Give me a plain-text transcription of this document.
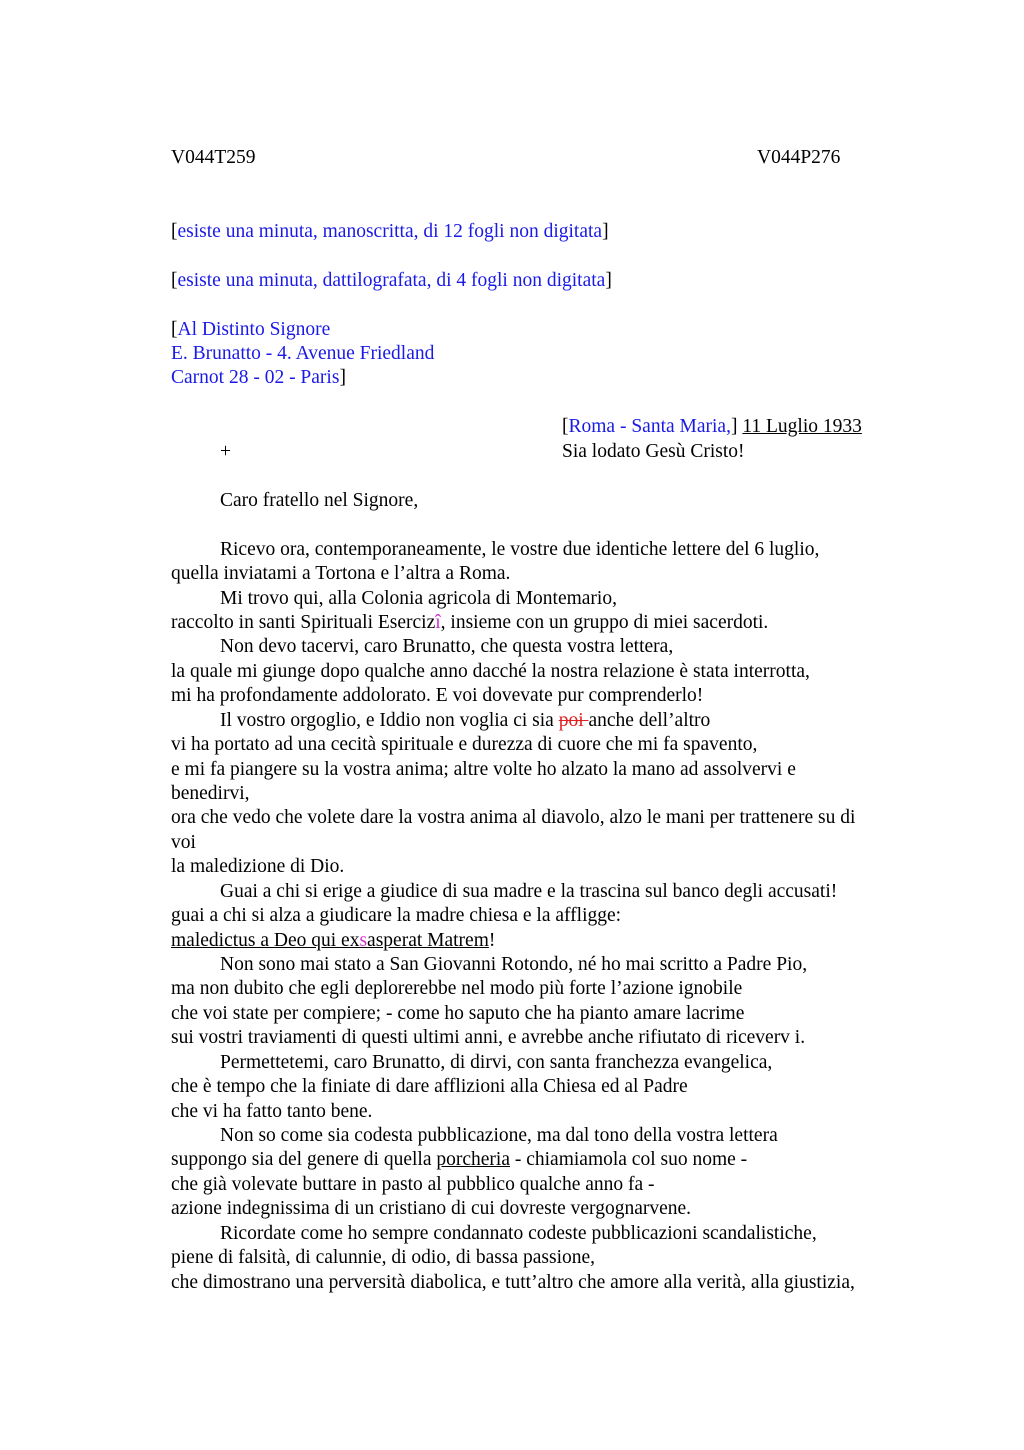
V044T259	V044P276
[esiste una minuta, manoscritta, di 12 fogli non digitata]
[esiste una minuta, dattilografata, di 4 fogli non digitata]
[Al Distinto Signore
E. Brunatto - 4. Avenue Friedland
Carnot 28 - 02 - Paris]
[Roma - Santa Maria,] 11 Luglio 1933
+	Sia lodato Gesù Cristo!
Caro fratello nel Signore,
Ricevo ora, contemporaneamente, le vostre due identiche lettere del 6 luglio,
quella inviatami a Tortona e l’altra a Roma.
Mi trovo qui, alla Colonia agricola di Montemario,
raccolto in santi Spirituali Esercizî, insieme con un gruppo di miei sacerdoti.
Non devo tacervi, caro Brunatto, che questa vostra lettera,
la quale mi giunge dopo qualche anno dacché la nostra relazione è stata interrotta,
mi ha profondamente addolorato. E voi dovevate pur comprenderlo!
Il vostro orgoglio, e Iddio non voglia ci sia poi anche dell’altro
vi ha portato ad una cecità spirituale e durezza di cuore che mi fa spavento,
e mi fa piangere su la vostra anima; altre volte ho alzato la mano ad assolvervi e
benedirvi,
ora che vedo che volete dare la vostra anima al diavolo, alzo le mani per trattenere su di
voi
la maledizione di Dio.
Guai a chi si erige a giudice di sua madre e la trascina sul banco degli accusati!
guai a chi si alza a giudicare la madre chiesa e la affligge:
maledictus a Deo qui exsasperat Matrem!
Non sono mai stato a San Giovanni Rotondo, né ho mai scritto a Padre Pio,
ma non dubito che egli deplorerebbe nel modo più forte l’azione ignobile
che voi state per compiere; - come ho saputo che ha pianto amare lacrime
sui vostri traviamenti di questi ultimi anni, e avrebbe anche rifiutato di riceverv i.
Permettetemi, caro Brunatto, di dirvi, con santa franchezza evangelica,
che è tempo che la finiate di dare afflizioni alla Chiesa ed al Padre
che vi ha fatto tanto bene.
Non so come sia codesta pubblicazione, ma dal tono della vostra lettera
suppongo sia del genere di quella porcheria - chiamiamola col suo nome -
che già volevate buttare in pasto al pubblico qualche anno fa -
azione indegnissima di un cristiano di cui dovreste vergognarvene.
Ricordate come ho sempre condannato codeste pubblicazioni scandalistiche,
piene di falsità, di calunnie, di odio, di bassa passione,
che dimostrano una perversità diabolica, e tutt’altro che amore alla verità, alla giustizia,
